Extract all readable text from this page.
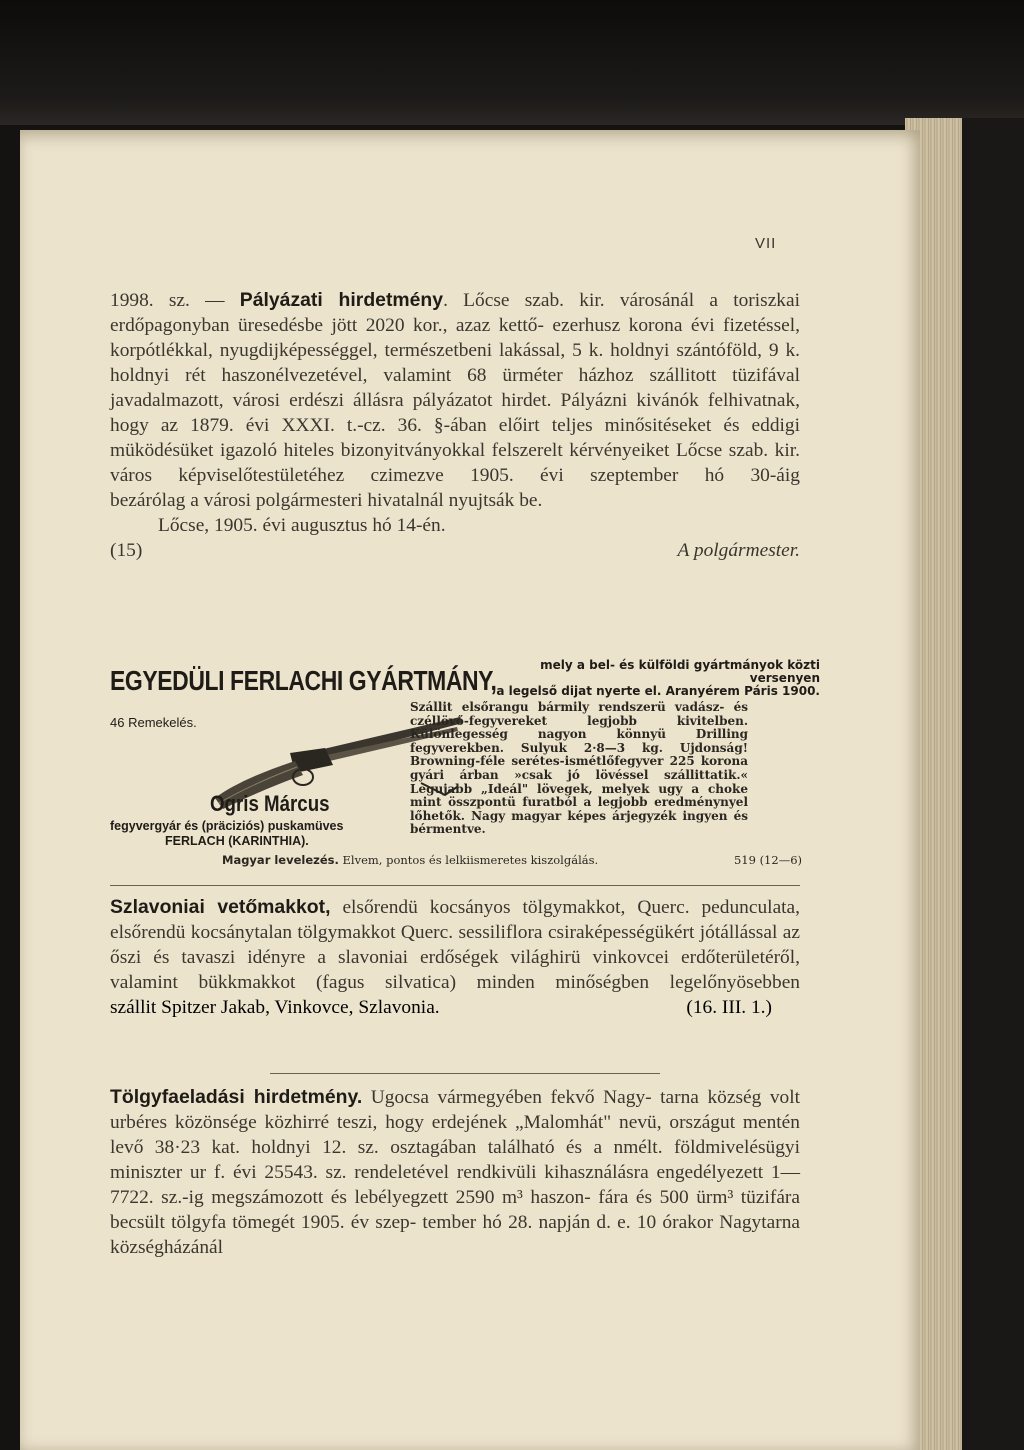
VII

1998. sz. — Pályázati hirdetmény. Lőcse szab. kir. városánál a toriszkai erdőpagonyban üresedésbe jött 2020 kor., azaz kettő- ezerhusz korona évi fizetéssel, korpótlékkal, nyugdijképességgel, természetbeni lakással, 5 k. holdnyi szántóföld, 9 k. holdnyi rét haszonélvezetével, valamint 68 ürméter házhoz szállitott tüzifával javadalmazott, városi erdészi állásra pályázatot hirdet. Pályázni kivánók felhivatnak, hogy az 1879. évi XXXI. t.-cz. 36. §-ában előirt teljes minősitéseket és eddigi müködésüket igazoló hiteles bizonyitványokkal felszerelt kérvényeiket Lőcse szab. kir. város képviselőtestületéhez czimezve 1905. évi szeptember hó 30-áig
bezárólag a városi polgármesteri hivatalnál nyujtsák be.

Lőcse, 1905. évi augusztus hó 14-én.
(15)	A polgármester.
EGYEDÜLI FERLACHI GYÁRTMÁNY,	mely a bel- és külföldi gyártmányok közti versenyen
a legelső dijat nyerte el. Aranyérem Páris 1900.
46 Remekelés.
Ogris Márcus
fegyvergyár és (präciziós) puskamüves
FERLACH (KARINTHIA).
Szállit elsőrangu bármily rendszerü vadász- és czéllövő-fegyvereket legjobb kivitelben. Különlegesség nagyon könnyü Drilling fegyverekben. Sulyuk 2·8—3 kg. Ujdonság! Browning-féle serétes-ismétlőfegyver 225 korona gyári árban »csak jó lövéssel szállittatik.« Legujabb „Ideál" lövegek, melyek ugy a choke mint összpontü furatból a legjobb eredménynyel lőhetők. Nagy magyar képes árjegyzék ingyen és bérmentve.
Magyar levelezés. Elvem, pontos és lelkiismeretes kiszolgálás.	519 (12—6)

Szlavoniai vetőmakkot, elsőrendü kocsányos tölgymakkot, Querc. pedunculata, elsőrendü kocsánytalan tölgymakkot Querc. sessiliflora csiraképességükért jótállással az őszi és tavaszi idényre a slavoniai erdőségek világhirü vinkovcei erdőterületéről, valamint bükkmakkot (fagus silvatica) minden minőségben legelőnyösebben

szállit Spitzer Jakab, Vinkovce, Szlavonia.	(16. III. 1.)

Tölgyfaeladási hirdetmény. Ugocsa vármegyében fekvő Nagy- tarna község volt urbéres közönsége közhirré teszi, hogy erdejének „Malomhát" nevü, országut mentén levő 38·23 kat. holdnyi 12. sz. osztagában található és a nmélt. földmivelésügyi miniszter ur f. évi 25543. sz. rendeletével rendkivüli kihasználásra engedélyezett 1—7722. sz.-ig megszámozott és lebélyegzett 2590 m³ haszon- fára és 500 ürm³ tüzifára becsült tölgyfa tömegét 1905. év szep- tember hó 28. napján d. e. 10 órakor Nagytarna községházánál
